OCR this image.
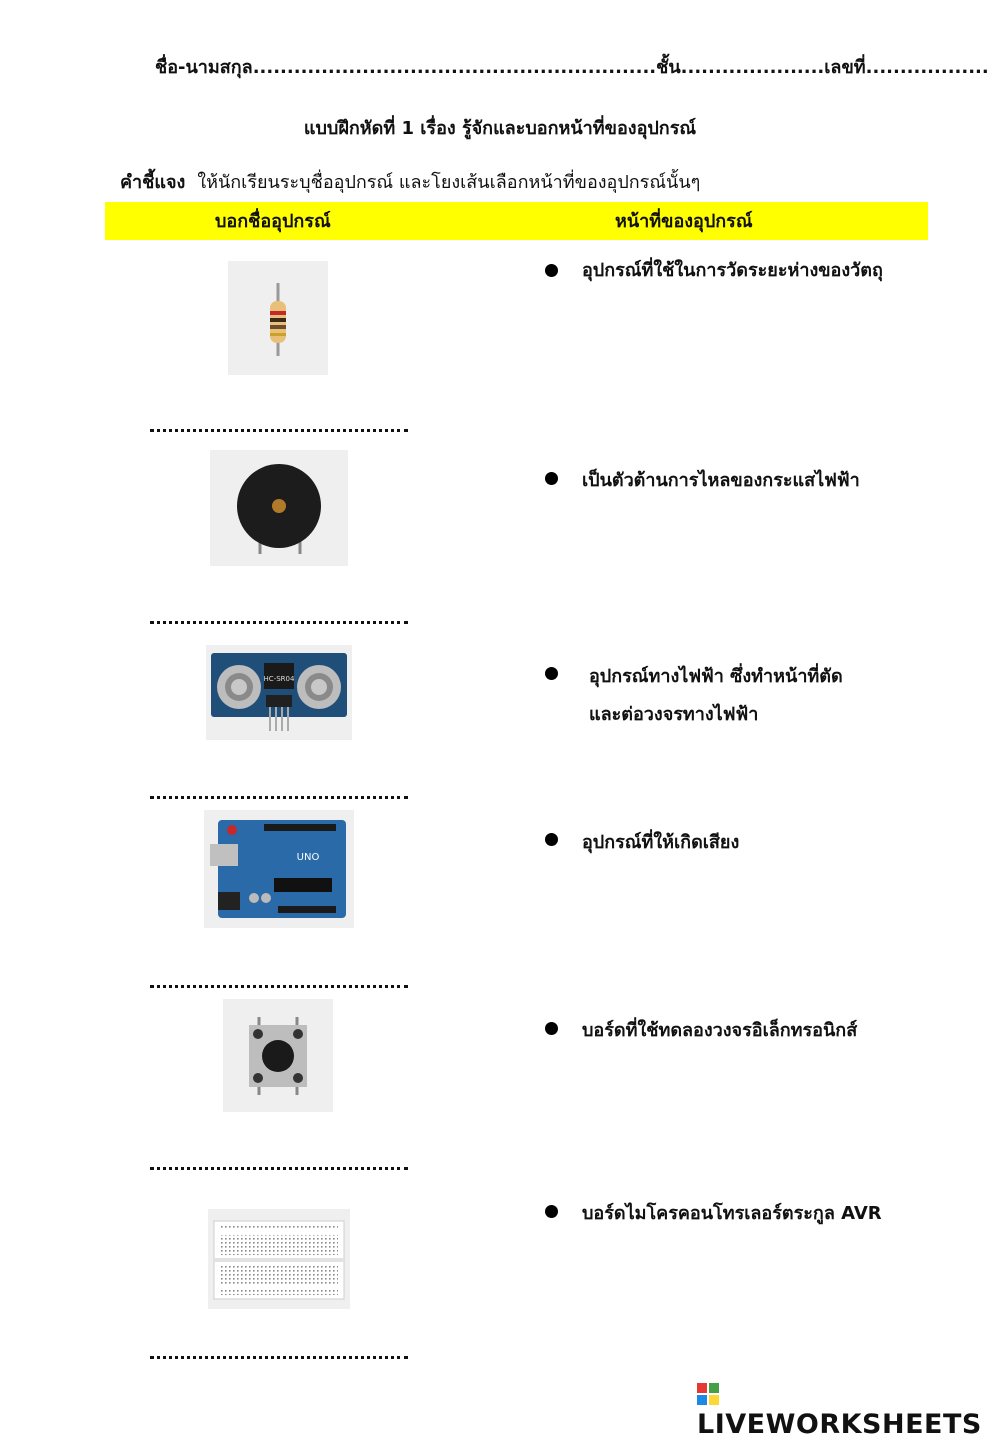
ชื่อ-นามสกุล...........................................................ชั้น.....................เลขที่..................
แบบฝึกหัดที่ 1 เรื่อง รู้จักและบอกหน้าที่ของอุปกรณ์
คำชี้แจง ให้นักเรียนระบุชื่ออุปกรณ์ และโยงเส้นเลือกหน้าที่ของอุปกรณ์นั้นๆ
บอกชื่ออุปกรณ์	หน้าที่ของอุปกรณ์
HC-SR04
UNO
อุปกรณ์ที่ใช้ในการวัดระยะห่างของวัตถุ
เป็นตัวต้านการไหลของกระแสไฟฟ้า
อุปกรณ์ทางไฟฟ้า ซึ่งทำหน้าที่ตัด
และต่อวงจรทางไฟฟ้า
อุปกรณ์ที่ให้เกิดเสียง
บอร์ดที่ใช้ทดลองวงจรอิเล็กทรอนิกส์
บอร์ดไมโครคอนโทรเลอร์ตระกูล AVR
LIVEWORKSHEETS
